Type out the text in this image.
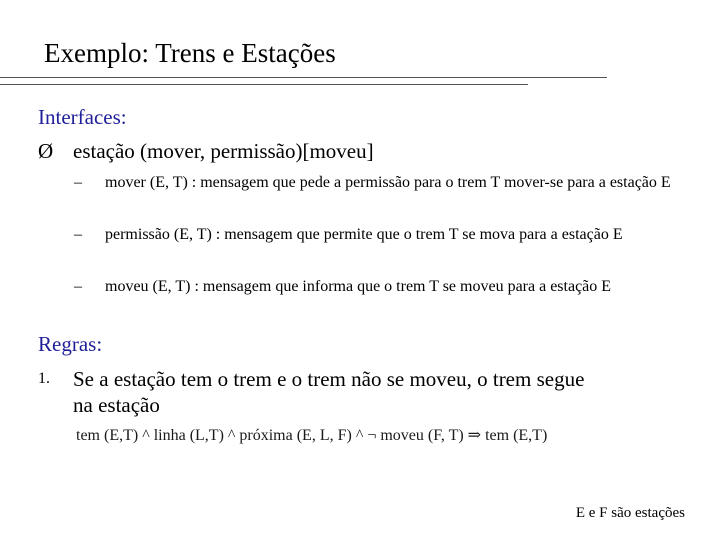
Exemplo: Trens e Estações
Interfaces:
Ø estação (mover, permissão)[moveu]
–	mover (E, T) : mensagem que pede a permissão para o trem T mover-se para a estação E
–	permissão (E, T) : mensagem que permite que o trem T se mova para a estação E
–	moveu (E, T) : mensagem que informa que o trem T se moveu para a estação E
Regras:
1.	Se a estação tem o trem e o trem não se moveu, o trem segue na estação
tem (E,T) ^ linha (L,T) ^ próxima (E, L, F) ^ ¬ moveu (F, T) ⇒ tem (E,T)
E e F são estações
